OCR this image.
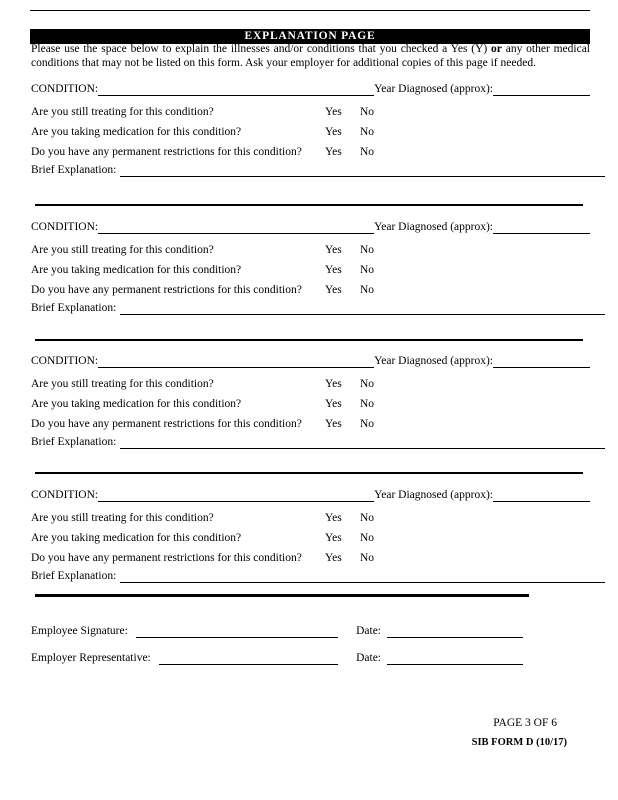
EXPLANATION PAGE
Please use the space below to explain the illnesses and/or conditions that you checked a Yes (Y) or any other medical conditions that may not be listed on this form. Ask your employer for additional copies of this page if needed.
CONDITION:	Year Diagnosed (approx):
Are you still treating for this condition?	Yes No
Are you taking medication for this condition?	Yes No
Do you have any permanent restrictions for this condition? Yes No
Brief Explanation:
CONDITION:	Year Diagnosed (approx):
Are you still treating for this condition?	Yes No
Are you taking medication for this condition?	Yes No
Do you have any permanent restrictions for this condition? Yes No
Brief Explanation:
CONDITION:	Year Diagnosed (approx):
Are you still treating for this condition?	Yes No
Are you taking medication for this condition?	Yes No
Do you have any permanent restrictions for this condition? Yes No
Brief Explanation:
CONDITION:	Year Diagnosed (approx):
Are you still treating for this condition?	Yes No
Are you taking medication for this condition?	Yes No
Do you have any permanent restrictions for this condition? Yes No
Brief Explanation:
Employee Signature:	Date:
Employer Representative:	Date:
PAGE 3 OF 6
SIB FORM D (10/17)
